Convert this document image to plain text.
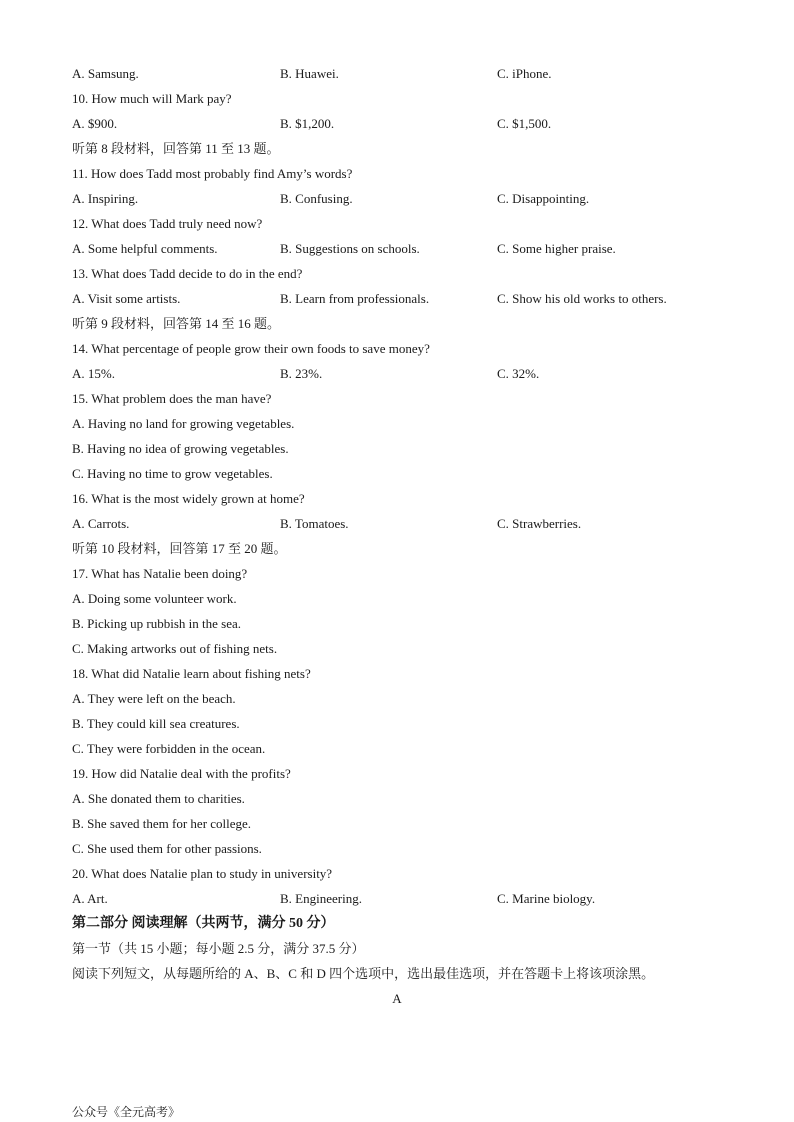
A. Samsung.	B. Huawei.	C. iPhone.
10. How much will Mark pay?
A. $900.	B. $1,200.	C. $1,500.
听第 8 段材料，回答第 11 至 13 题。
11. How does Tadd most probably find Amy’s words?
A. Inspiring.	B. Confusing.	C. Disappointing.
12. What does Tadd truly need now?
A. Some helpful comments.	B. Suggestions on schools.	C. Some higher praise.
13. What does Tadd decide to do in the end?
A. Visit some artists.	B. Learn from professionals.	C. Show his old works to others.
听第 9 段材料，回答第 14 至 16 题。
14. What percentage of people grow their own foods to save money?
A. 15%.	B. 23%.	C. 32%.
15. What problem does the man have?
A. Having no land for growing vegetables.
B. Having no idea of growing vegetables.
C. Having no time to grow vegetables.
16. What is the most widely grown at home?
A. Carrots.	B. Tomatoes.	C. Strawberries.
听第 10 段材料，回答第 17 至 20 题。
17. What has Natalie been doing?
A. Doing some volunteer work.
B. Picking up rubbish in the sea.
C. Making artworks out of fishing nets.
18. What did Natalie learn about fishing nets?
A. They were left on the beach.
B. They could kill sea creatures.
C. They were forbidden in the ocean.
19. How did Natalie deal with the profits?
A. She donated them to charities.
B. She saved them for her college.
C. She used them for other passions.
20. What does Natalie plan to study in university?
A. Art.	B. Engineering.	C. Marine biology.
第二部分 阅读理解（共两节，满分 50 分）
第一节（共 15 小题；每小题 2.5 分，满分 37.5 分）
阅读下列短文，从每题所给的 A、B、C 和 D 四个选项中，选出最佳选项，并在答题卡上将该项涂黑。
A
公众号《全元高考》
